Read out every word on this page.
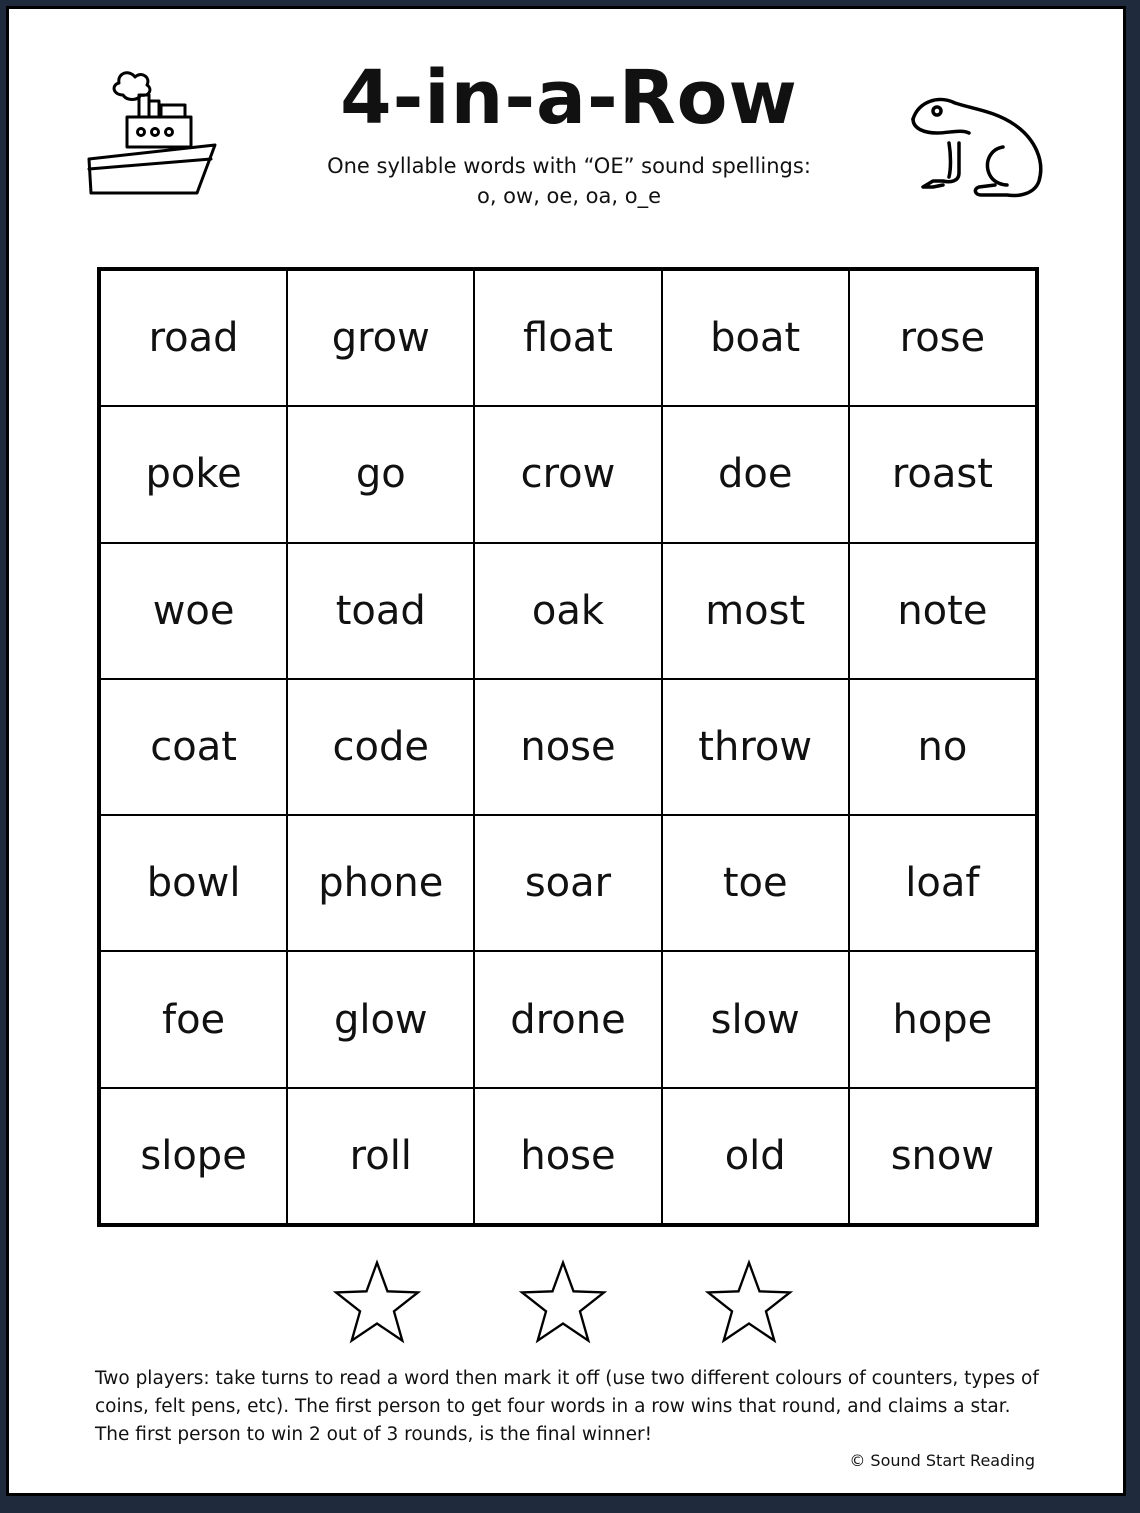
4-in-a-Row
One syllable words with “OE” sound spellings:
o, ow, oe, oa, o_e
road	grow	float	boat	rose
poke	go	crow	doe	roast
woe	toad	oak	most	note
coat	code	nose	throw	no
bowl	phone	soar	toe	loaf
foe	glow	drone	slow	hope
slope	roll	hose	old	snow
Two players: take turns to read a word then mark it off (use two different colours of counters, types of coins, felt pens, etc). The first person to get four words in a row wins that round, and claims a star. The first person to win 2 out of 3 rounds, is the final winner!
© Sound Start Reading
